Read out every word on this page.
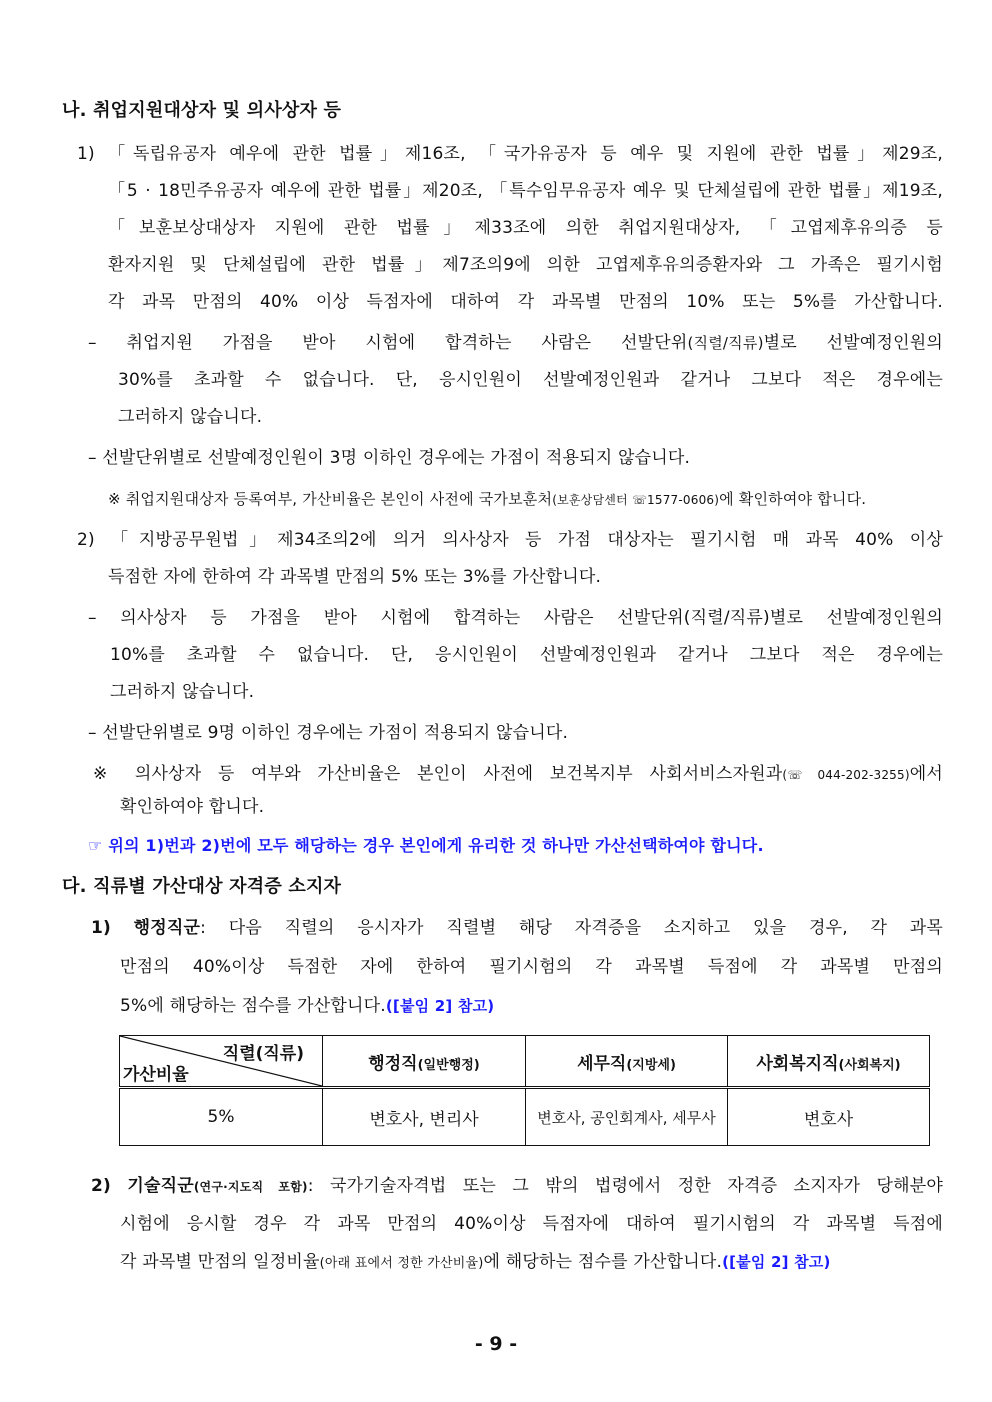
나. 취업지원대상자 및 의사상자 등
1) 「독립유공자 예우에 관한 법률」제16조, 「국가유공자 등 예우 및 지원에 관한 법률」제29조,
「5 · 18민주유공자 예우에 관한 법률」제20조, 「특수임무유공자 예우 및 단체설립에 관한 법률」제19조,
「보훈보상대상자 지원에 관한 법률」제33조에 의한 취업지원대상자, 「고엽제후유의증 등
환자지원 및 단체설립에 관한 법률」제7조의9에 의한 고엽제후유의증환자와 그 가족은 필기시험
각 과목 만점의 40% 이상 득점자에 대하여 각 과목별 만점의 10% 또는 5%를 가산합니다.
– 취업지원 가점을 받아 시험에 합격하는 사람은 선발단위(직렬/직류)별로 선발예정인원의
30%를 초과할 수 없습니다. 단, 응시인원이 선발예정인원과 같거나 그보다 적은 경우에는
그러하지 않습니다.
– 선발단위별로 선발예정인원이 3명 이하인 경우에는 가점이 적용되지 않습니다.
※ 취업지원대상자 등록여부, 가산비율은 본인이 사전에 국가보훈처(보훈상담센터 ☏1577-0606)에 확인하여야 합니다.
2) 「지방공무원법」제34조의2에 의거 의사상자 등 가점 대상자는 필기시험 매 과목 40% 이상
득점한 자에 한하여 각 과목별 만점의 5% 또는 3%를 가산합니다.
– 의사상자 등 가점을 받아 시험에 합격하는 사람은 선발단위(직렬/직류)별로 선발예정인원의
10%를 초과할 수 없습니다. 단, 응시인원이 선발예정인원과 같거나 그보다 적은 경우에는
그러하지 않습니다.
– 선발단위별로 9명 이하인 경우에는 가점이 적용되지 않습니다.
※ 의사상자 등 여부와 가산비율은 본인이 사전에 보건복지부 사회서비스자원과(☏ 044-202-3255)에서
확인하여야 합니다.
☞ 위의 1)번과 2)번에 모두 해당하는 경우 본인에게 유리한 것 하나만 가산선택하여야 합니다.
다. 직류별 가산대상 자격증 소지자
1) 행정직군: 다음 직렬의 응시자가 직렬별 해당 자격증을 소지하고 있을 경우, 각 과목
만점의 40%이상 득점한 자에 한하여 필기시험의 각 과목별 득점에 각 과목별 만점의
5%에 해당하는 점수를 가산합니다.([붙임 2] 참고)
직렬(직류)
가산비율	행정직(일반행정)	세무직(지방세)	사회복지직(사회복지)
5%	변호사, 변리사	변호사, 공인회계사, 세무사	변호사
2) 기술직군(연구·지도직 포함): 국가기술자격법 또는 그 밖의 법령에서 정한 자격증 소지자가 당해분야
시험에 응시할 경우 각 과목 만점의 40%이상 득점자에 대하여 필기시험의 각 과목별 득점에
각 과목별 만점의 일정비율(아래 표에서 정한 가산비율)에 해당하는 점수를 가산합니다.([붙임 2] 참고)
- 9 -
